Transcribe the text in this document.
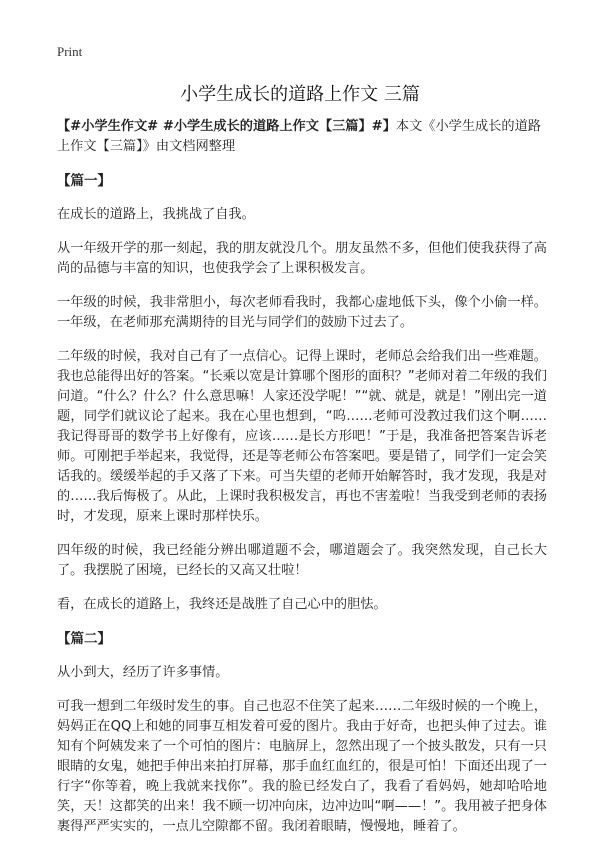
Print
小学生成长的道路上作文 三篇

【#小学生作文# #小学生成长的道路上作文【三篇】#】本文《小学生成长的道路上作文【三篇】》由文档网整理

【篇一】

在成长的道路上，我挑战了自我。

从一年级开学的那一刻起，我的朋友就没几个。朋友虽然不多，但他们使我获得了高尚的品德与丰富的知识，也使我学会了上课积极发言。

一年级的时候，我非常胆小，每次老师看我时，我都心虚地低下头，像个小偷一样。一年级，在老师那充满期待的目光与同学们的鼓励下过去了。

二年级的时候，我对自己有了一点信心。记得上课时，老师总会给我们出一些难题。我也总能得出好的答案。“长乘以宽是计算哪个图形的面积？”老师对着二年级的我们问道。“什么？什么？什么意思嘛！人家还没学呢！”“就、就是，就是！”刚出完一道题，同学们就议论了起来。我在心里也想到，“呜……老师可没教过我们这个啊……我记得哥哥的数学书上好像有，应该……是长方形吧！”于是，我准备把答案告诉老师。可刚把手举起来，我觉得，还是等老师公布答案吧。要是错了，同学们一定会笑话我的。缓缓举起的手又落了下来。可当失望的老师开始解答时，我才发现，我是对的……我后悔极了。从此，上课时我积极发言，再也不害羞啦！当我受到老师的表扬时，才发现，原来上课时那样快乐。

四年级的时候，我已经能分辨出哪道题不会，哪道题会了。我突然发现，自己长大了。我摆脱了困境，已经长的又高又壮啦！

看，在成长的道路上，我终还是战胜了自己心中的胆怯。

【篇二】

从小到大，经历了许多事情。

可我一想到二年级时发生的事。自己也忍不住笑了起来……二年级时候的一个晚上，妈妈正在QQ上和她的同事互相发着可爱的图片。我由于好奇，也把头伸了过去。谁知有个阿姨发来了一个可怕的图片：电脑屏上，忽然出现了一个披头散发，只有一只眼睛的女鬼，她把手伸出来拍打屏幕，那手血红血红的，很是可怕！下面还出现了一行字“你等着，晚上我就来找你”。我的脸已经发白了，我看了看妈妈，她却哈哈地笑，天！这都笑的出来！我不顾一切冲向床，边冲边叫“啊——！”。我用被子把身体裹得严严实实的，一点儿空隙都不留。我闭着眼睛，慢慢地，睡着了。
